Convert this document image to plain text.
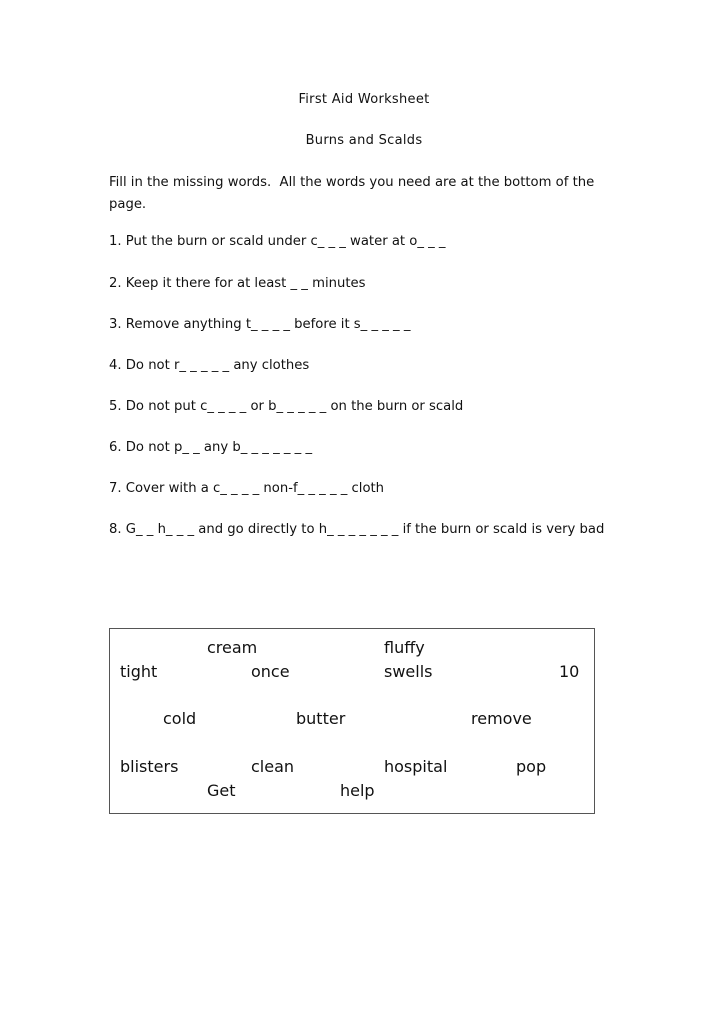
First Aid Worksheet
Burns and Scalds
Fill in the missing words.  All the words you need are at the bottom of the page.
1. Put the burn or scald under c_ _ _ water at o_ _ _
2. Keep it there for at least _ _ minutes
3. Remove anything t_ _ _ _ before it s_ _ _ _ _
4. Do not r_ _ _ _ _ any clothes
5. Do not put c_ _ _ _ or b_ _ _ _ _ on the burn or scald
6. Do not p_ _ any b_ _ _ _ _ _ _
7. Cover with a c_ _ _ _ non-f_ _ _ _ _ cloth
8. G_ _ h_ _ _ and go directly to h_ _ _ _ _ _ _ if the burn or scald is very bad
cream	fluffy
tight	once	swells	10
cold	butter	remove
blisters	clean	hospital	pop
Get	help
